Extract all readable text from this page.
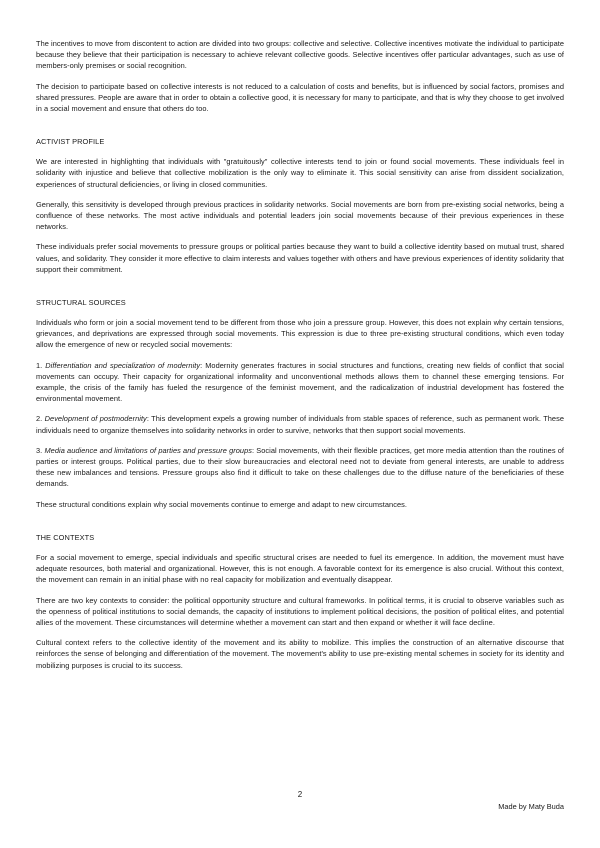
The incentives to move from discontent to action are divided into two groups: collective and selective. Collective incentives motivate the individual to participate because they believe that their participation is necessary to achieve relevant collective goods. Selective incentives offer particular advantages, such as use of members-only premises or social recognition.

The decision to participate based on collective interests is not reduced to a calculation of costs and benefits, but is influenced by social factors, promises and shared pressures. People are aware that in order to obtain a collective good, it is necessary for many to participate, and that is why they choose to get involved in a social movement and ensure that others do too.

ACTIVIST PROFILE

We are interested in highlighting that individuals with "gratuitously" collective interests tend to join or found social movements. These individuals feel in solidarity with injustice and believe that collective mobilization is the only way to eliminate it. This social sensitivity can arise from dissident socialization, experiences of structural deficiencies, or living in closed communities.

Generally, this sensitivity is developed through previous practices in solidarity networks. Social movements are born from pre-existing social networks, being a confluence of these networks. The most active individuals and potential leaders join social movements because of their previous experiences in these networks.

These individuals prefer social movements to pressure groups or political parties because they want to build a collective identity based on mutual trust, shared values, and solidarity. They consider it more effective to claim interests and values together with others and have previous experiences of identity solidarity that support their commitment.

STRUCTURAL SOURCES

Individuals who form or join a social movement tend to be different from those who join a pressure group. However, this does not explain why certain tensions, grievances, and deprivations are expressed through social movements. This expression is due to three pre-existing structural conditions, which even today allow the emergence of new or recycled social movements:

1. Differentiation and specialization of modernity: Modernity generates fractures in social structures and functions, creating new fields of conflict that social movements can occupy. Their capacity for organizational informality and unconventional methods allows them to channel these emerging tensions. For example, the crisis of the family has fueled the resurgence of the feminist movement, and the radicalization of industrial development has fostered the environmental movement.

2. Development of postmodernity: This development expels a growing number of individuals from stable spaces of reference, such as permanent work. These individuals need to organize themselves into solidarity networks in order to survive, networks that then support social movements.

3. Media audience and limitations of parties and pressure groups: Social movements, with their flexible practices, get more media attention than the routines of parties or interest groups. Political parties, due to their slow bureaucracies and electoral need not to deviate from general interests, are unable to address these new imbalances and tensions. Pressure groups also find it difficult to take on these challenges due to the diffuse nature of the beneficiaries of these demands.

These structural conditions explain why social movements continue to emerge and adapt to new circumstances.

THE CONTEXTS

For a social movement to emerge, special individuals and specific structural crises are needed to fuel its emergence. In addition, the movement must have adequate resources, both material and organizational. However, this is not enough. A favorable context for its emergence is also crucial. Without this context, the movement can remain in an initial phase with no real capacity for mobilization and eventually disappear.

There are two key contexts to consider: the political opportunity structure and cultural frameworks. In political terms, it is crucial to observe variables such as the openness of political institutions to social demands, the capacity of institutions to implement political decisions, the position of political elites, and potential allies of the movement. These circumstances will determine whether a movement can start and then expand or whether it will face decline.

Cultural context refers to the collective identity of the movement and its ability to mobilize. This implies the construction of an alternative discourse that reinforces the sense of belonging and differentiation of the movement. The movement's ability to use pre-existing mental schemes in society for its identity and mobilizing purposes is crucial to its success.

2
Made by Maty Buda
